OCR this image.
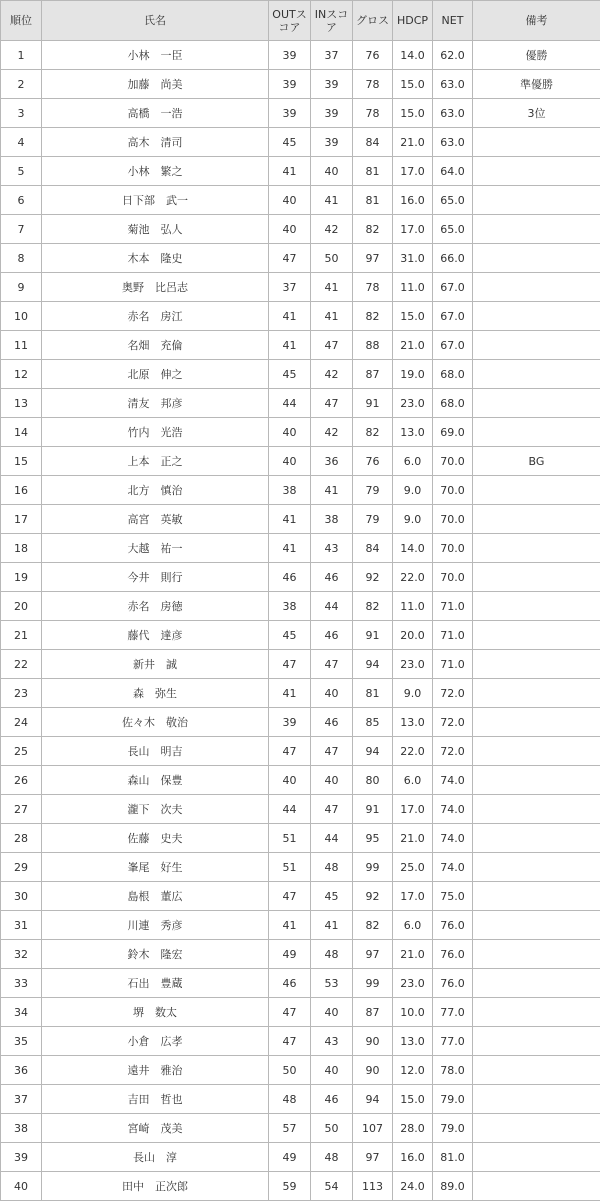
順位	氏名	OUTスコア	INスコア	グロス	HDCP	NET	備考
1	小林　一臣	39	37	76	14.0	62.0	優勝
2	加藤　尚美	39	39	78	15.0	63.0	準優勝
3	高橋　一浩	39	39	78	15.0	63.0	3位
4	高木　清司	45	39	84	21.0	63.0	
5	小林　繁之	41	40	81	17.0	64.0	
6	日下部　武一	40	41	81	16.0	65.0	
7	菊池　弘人	40	42	82	17.0	65.0	
8	木本　隆史	47	50	97	31.0	66.0	
9	奥野　比呂志	37	41	78	11.0	67.0	
10	赤名　房江	41	41	82	15.0	67.0	
11	名畑　充倫	41	47	88	21.0	67.0	
12	北原　伸之	45	42	87	19.0	68.0	
13	清友　邦彦	44	47	91	23.0	68.0	
14	竹内　光浩	40	42	82	13.0	69.0	
15	上本　正之	40	36	76	6.0	70.0	BG
16	北方　慎治	38	41	79	9.0	70.0	
17	高宮　英敏	41	38	79	9.0	70.0	
18	大越　祐一	41	43	84	14.0	70.0	
19	今井　則行	46	46	92	22.0	70.0	
20	赤名　房徳	38	44	82	11.0	71.0	
21	藤代　達彦	45	46	91	20.0	71.0	
22	新井　誠	47	47	94	23.0	71.0	
23	森　弥生	41	40	81	9.0	72.0	
24	佐々木　敬治	39	46	85	13.0	72.0	
25	長山　明吉	47	47	94	22.0	72.0	
26	森山　保豊	40	40	80	6.0	74.0	
27	瀧下　次夫	44	47	91	17.0	74.0	
28	佐藤　史夫	51	44	95	21.0	74.0	
29	峯尾　好生	51	48	99	25.0	74.0	
30	島根　董広	47	45	92	17.0	75.0	
31	川連　秀彦	41	41	82	6.0	76.0	
32	鈴木　隆宏	49	48	97	21.0	76.0	
33	石出　豊蔵	46	53	99	23.0	76.0	
34	堺　数太	47	40	87	10.0	77.0	
35	小倉　広孝	47	43	90	13.0	77.0	
36	遠井　雅治	50	40	90	12.0	78.0	
37	吉田　哲也	48	46	94	15.0	79.0	
38	宮崎　茂美	57	50	107	28.0	79.0	
39	長山　淳	49	48	97	16.0	81.0	
40	田中　正次郎	59	54	113	24.0	89.0	
